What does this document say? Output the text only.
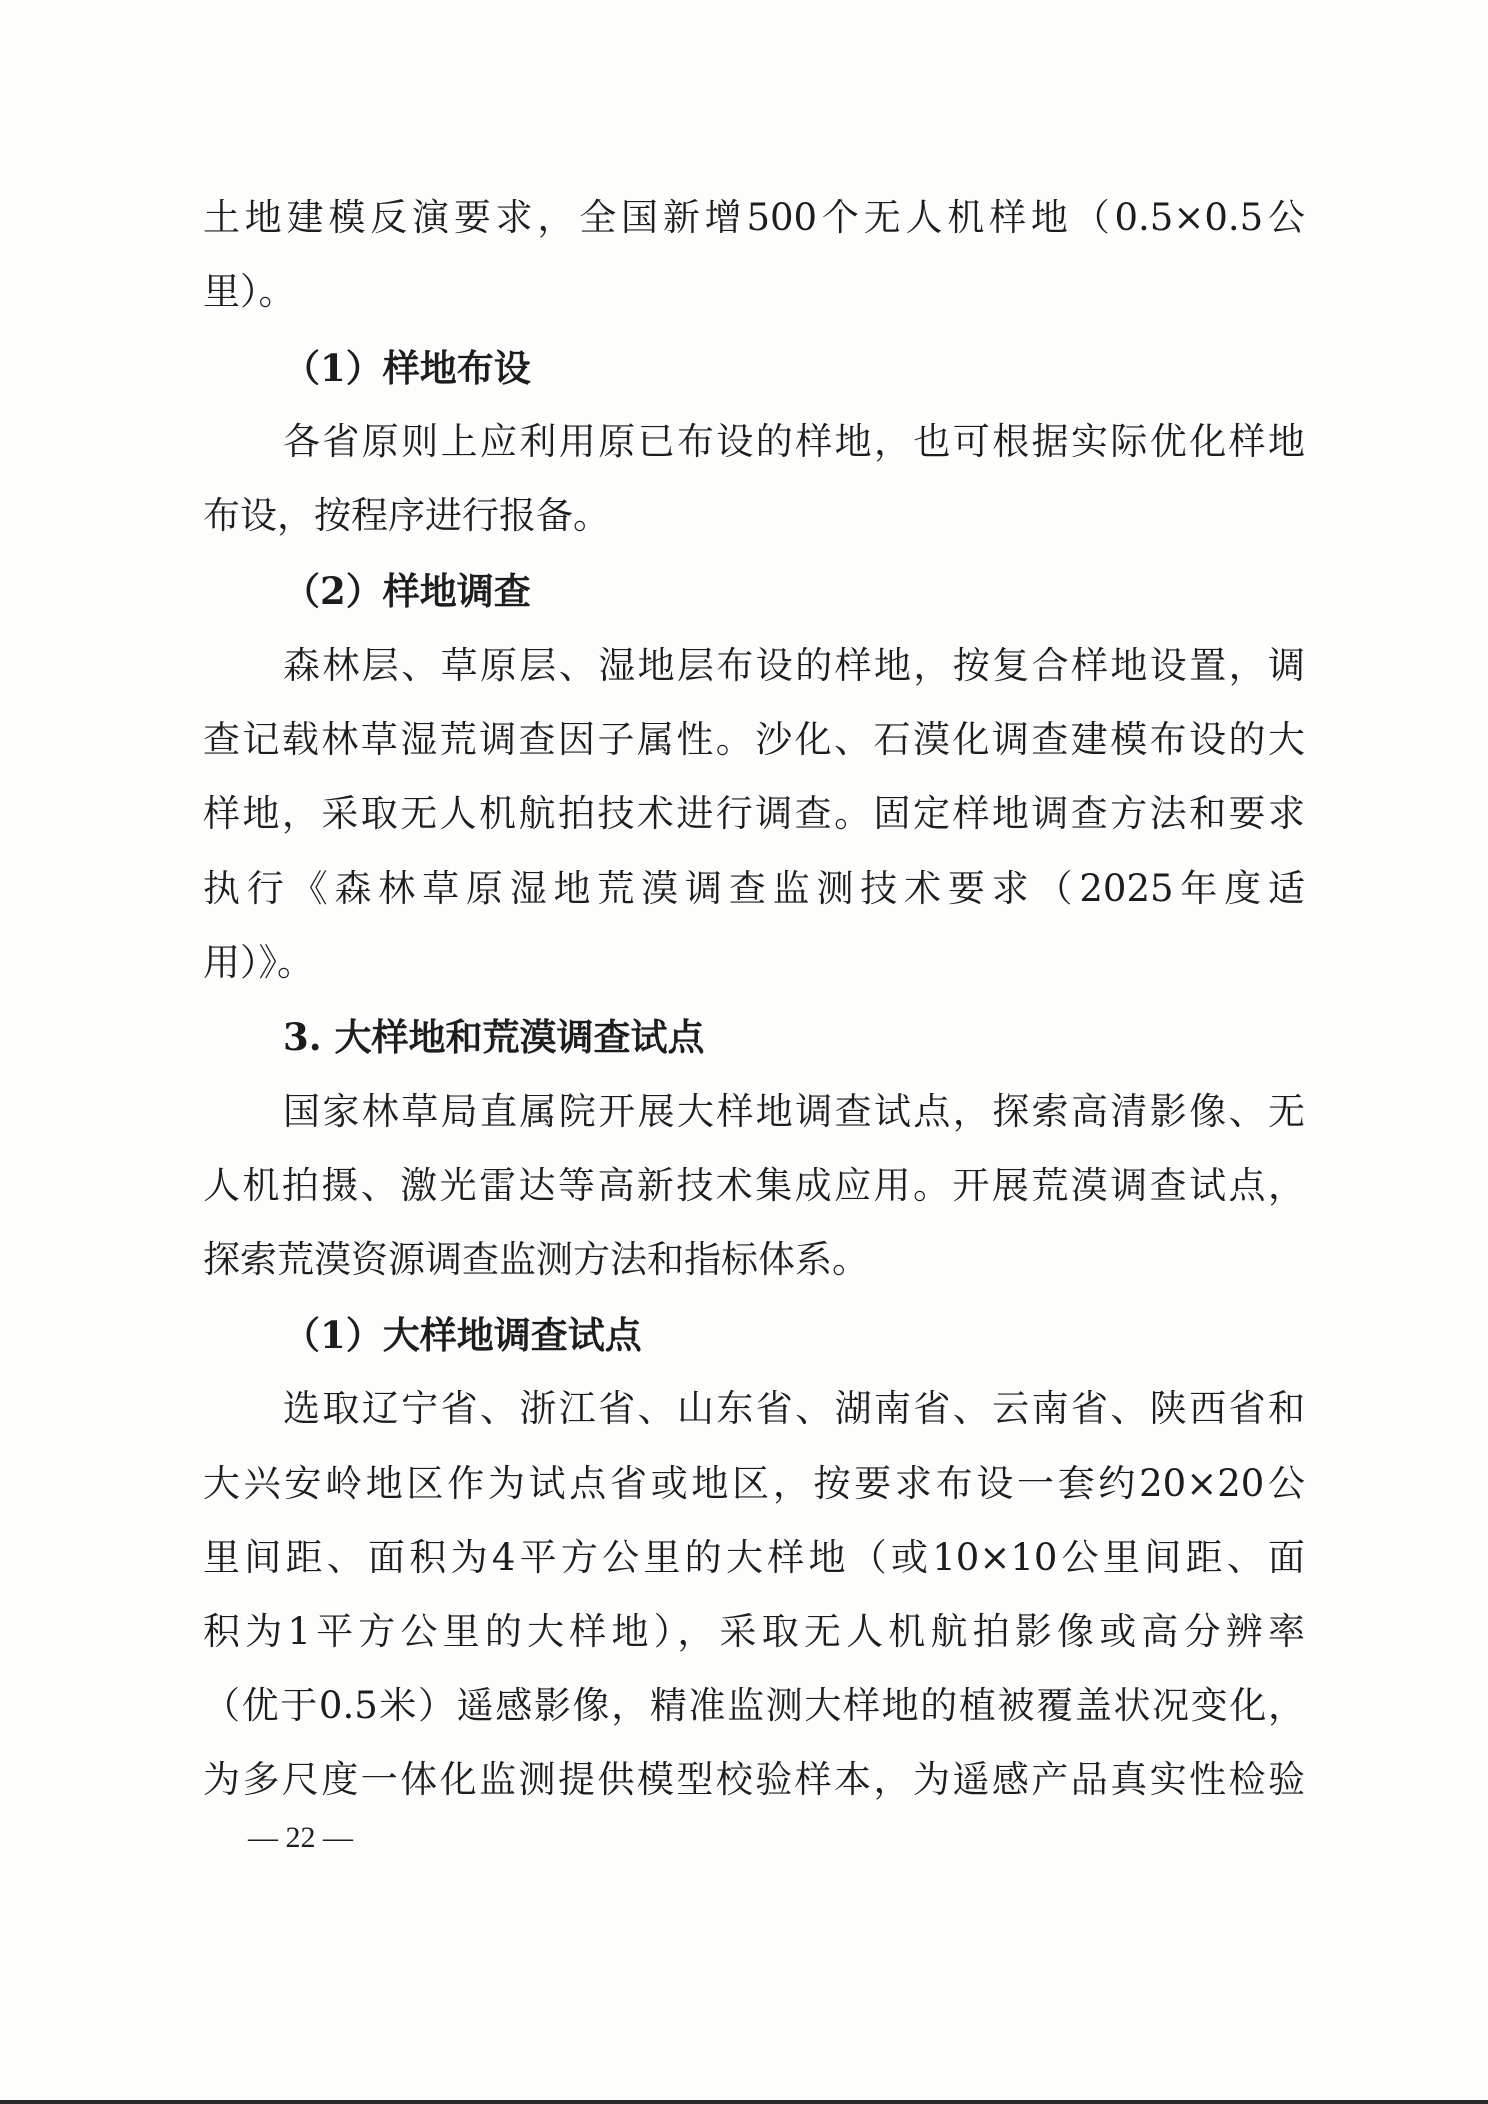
土地建模反演要求，全国新增500个无人机样地（0.5×0.5公
里）。
（1）样地布设
各省原则上应利用原已布设的样地，也可根据实际优化样地
布设，按程序进行报备。
（2）样地调查
森林层、草原层、湿地层布设的样地，按复合样地设置，调
查记载林草湿荒调查因子属性。沙化、石漠化调查建模布设的大
样地，采取无人机航拍技术进行调查。固定样地调查方法和要求
执行《森林草原湿地荒漠调查监测技术要求（2025年度适
用）》。
3. 大样地和荒漠调查试点
国家林草局直属院开展大样地调查试点，探索高清影像、无
人机拍摄、激光雷达等高新技术集成应用。开展荒漠调查试点，
探索荒漠资源调查监测方法和指标体系。
（1）大样地调查试点
选取辽宁省、浙江省、山东省、湖南省、云南省、陕西省和
大兴安岭地区作为试点省或地区，按要求布设一套约20×20公
里间距、面积为4平方公里的大样地（或10×10公里间距、面
积为1平方公里的大样地），采取无人机航拍影像或高分辨率
（优于0.5米）遥感影像，精准监测大样地的植被覆盖状况变化，
为多尺度一体化监测提供模型校验样本，为遥感产品真实性检验
— 22 —
